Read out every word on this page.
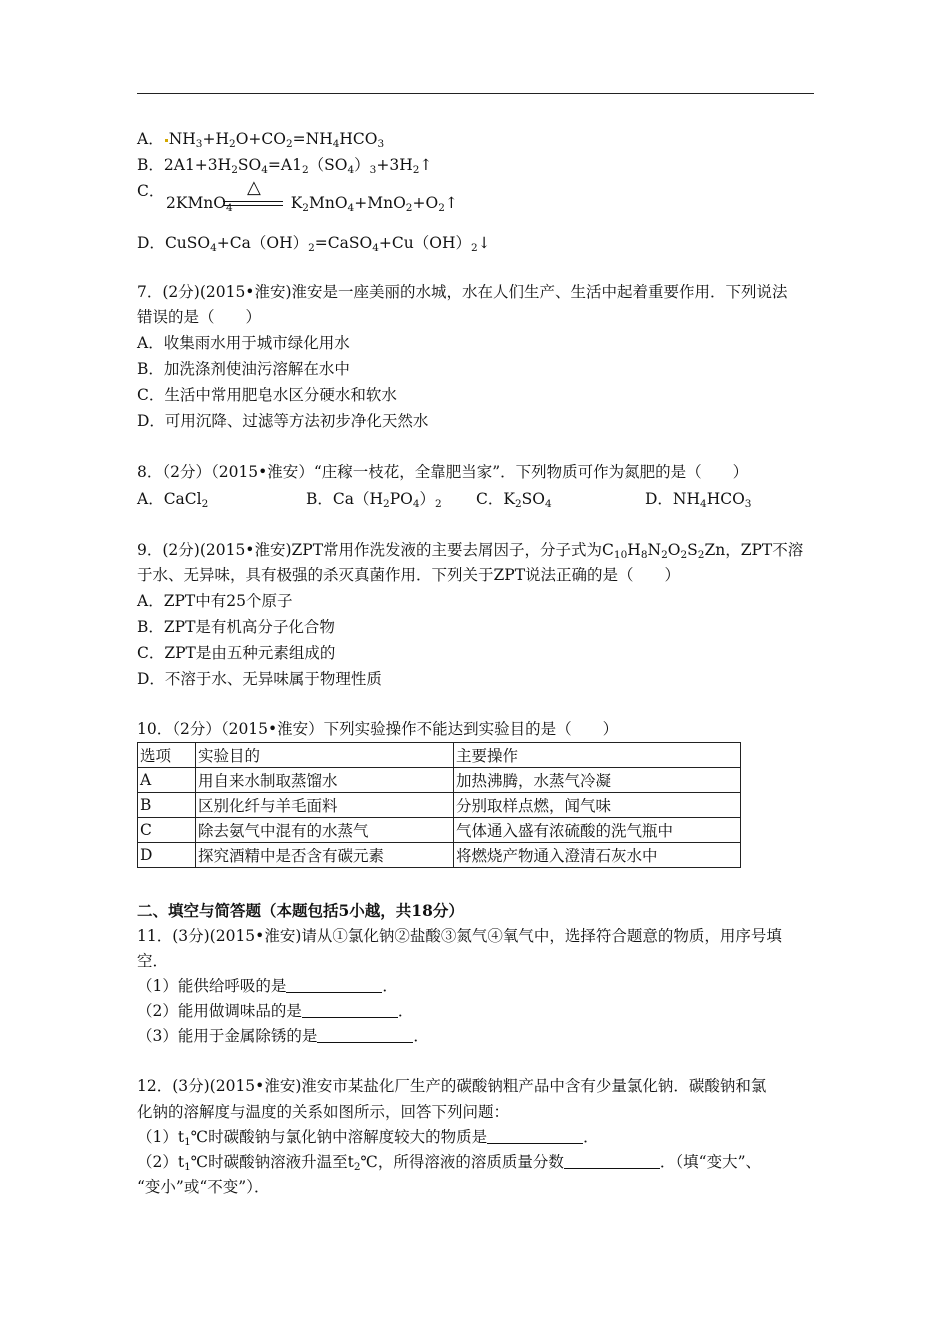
A． $NH_3+H_2O+CO_2=NH_4HCO_3$
B．$2A1+3H_2SO_4=A1_2(SO_4)_3+3H_2↑$
C．	△
2KMnO$_4$	$K_2MnO_4+MnO_2+O_2↑$
D．$CuSO_4+Ca(OH)_2=CaSO_4+Cu(OH)_2↓$
7．(2分)(2015•淮安)淮安是一座美丽的水城，水在人们生产、生活中起着重要作用．下列说法
错误的是（　　）
A．收集雨水用于城市绿化用水
B．加洗涤剂使油污溶解在水中
C．生活中常用肥皂水区分硬水和软水
D．可用沉降、过滤等方法初步净化天然水
8．（2分）（2015•淮安）“庄稼一枝花，全靠肥当家”．下列物质可作为氮肥的是（　　）
A．CaCl$_2$	B．$Ca(H_2PO_4)_2$ C．$K_2SO_4$	D．$NH_4HCO_3$
9．(2分)(2015•淮安)ZPT常用作洗发液的主要去屑因子，分子式为$C_{10}H_8N_2O_2S_2Zn$，ZPT不溶
于水、无异味，具有极强的杀灭真菌作用．下列关于ZPT说法正确的是（　　）
A．ZPT中有25个原子
B．ZPT是有机高分子化合物
C．ZPT是由五种元素组成的
D．不溶于水、无异味属于物理性质
10．（2分）（2015•淮安）下列实验操作不能达到实验目的是（　　）
选项	实验目的	主要操作
A	用自来水制取蒸馏水	加热沸腾，水蒸气冷凝
B	区别化纤与羊毛面料	分别取样点燃，闻气味
C	除去氨气中混有的水蒸气	气体通入盛有浓硫酸的洗气瓶中
D	探究酒精中是否含有碳元素	将燃烧产物通入澄清石灰水中
二、填空与简答题（本题包括5小越，共18分）
11．(3分)(2015•淮安)请从①氯化钠②盐酸③氮气④氧气中，选择符合题意的物质，用序号填
空．
（1）能供给呼吸的是	．
（2）能用做调味品的是	．
（3）能用于金属除锈的是	．
12．(3分)(2015•淮安)淮安市某盐化厂生产的碳酸钠粗产品中含有少量氯化钠．碳酸钠和氯
化钠的溶解度与温度的关系如图所示，回答下列问题：
$(1)t_1℃$时碳酸钠与氯化钠中溶解度较大的物质是	．
$(2)t_1℃$时碳酸钠溶液升温至$t_2℃$，所得溶液的溶质质量分数	．（填“变大”、
“变小”或“不变”）．
